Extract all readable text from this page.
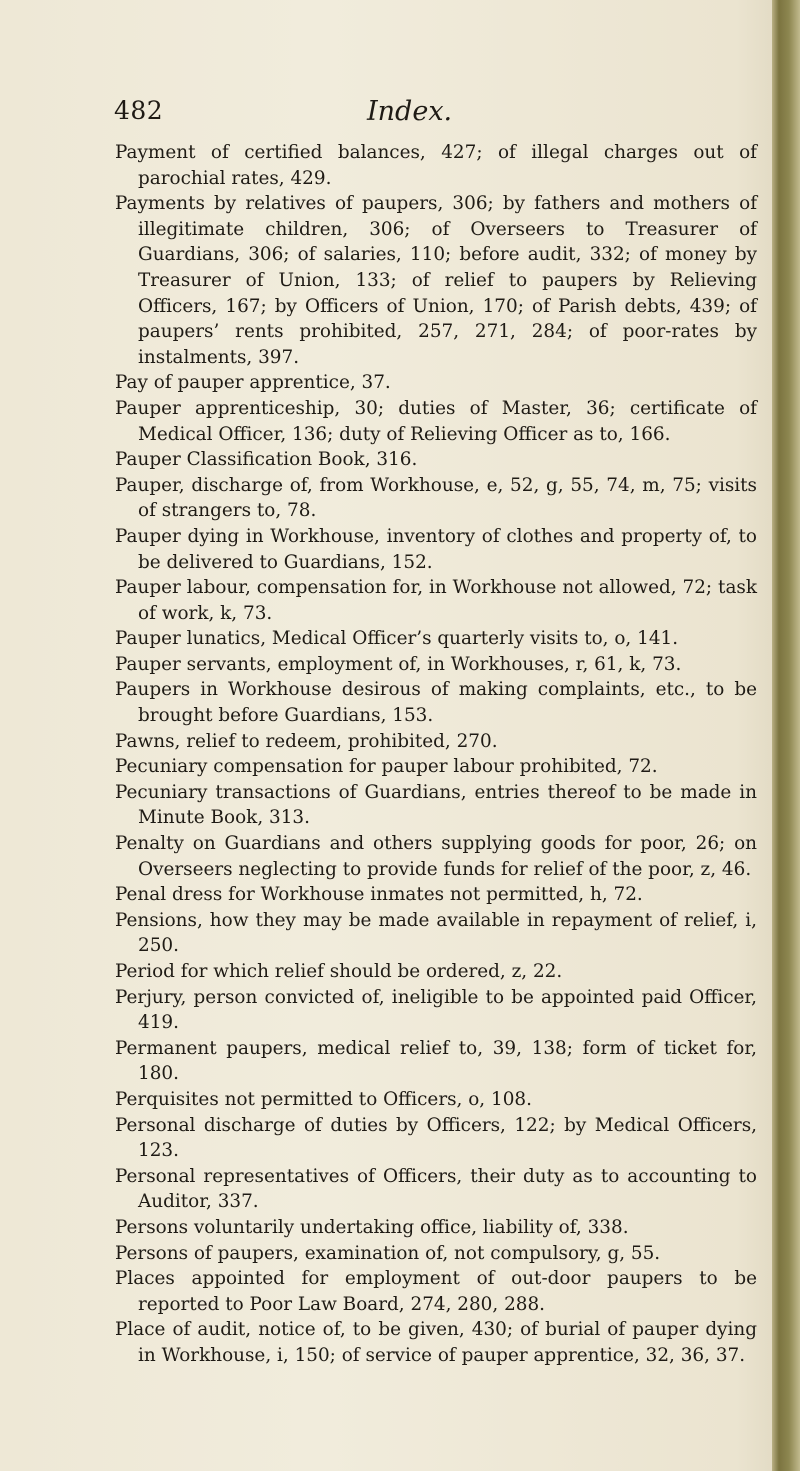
482	Index.
Payment of certified balances, 427; of illegal charges out of parochial rates, 429.
Payments by relatives of paupers, 306; by fathers and mothers of illegitimate children, 306; of Overseers to Treasurer of Guardians, 306; of salaries, 110; before audit, 332; of money by Treasurer of Union, 133; of relief to paupers by Relieving Officers, 167; by Officers of Union, 170; of Parish debts, 439; of paupers’ rents prohibited, 257, 271, 284; of poor-rates by instalments, 397.
Pay of pauper apprentice, 37.
Pauper apprenticeship, 30; duties of Master, 36; certificate of Medical Officer, 136; duty of Relieving Officer as to, 166.
Pauper Classification Book, 316.
Pauper, discharge of, from Workhouse, e, 52, g, 55, 74, m, 75; visits of strangers to, 78.
Pauper dying in Workhouse, inventory of clothes and property of, to be delivered to Guardians, 152.
Pauper labour, compensation for, in Workhouse not allowed, 72; task of work, k, 73.
Pauper lunatics, Medical Officer’s quarterly visits to, o, 141.
Pauper servants, employment of, in Workhouses, r, 61, k, 73.
Paupers in Workhouse desirous of making complaints, etc., to be brought before Guardians, 153.
Pawns, relief to redeem, prohibited, 270.
Pecuniary compensation for pauper labour prohibited, 72.
Pecuniary transactions of Guardians, entries thereof to be made in Minute Book, 313.
Penalty on Guardians and others supplying goods for poor, 26; on Overseers neglecting to provide funds for relief of the poor, z, 46.
Penal dress for Workhouse inmates not permitted, h, 72.
Pensions, how they may be made available in repayment of relief, i, 250.
Period for which relief should be ordered, z, 22.
Perjury, person convicted of, ineligible to be appointed paid Officer, 419.
Permanent paupers, medical relief to, 39, 138; form of ticket for, 180.
Perquisites not permitted to Officers, o, 108.
Personal discharge of duties by Officers, 122; by Medical Officers, 123.
Personal representatives of Officers, their duty as to accounting to Auditor, 337.
Persons voluntarily undertaking office, liability of, 338.
Persons of paupers, examination of, not compulsory, g, 55.
Places appointed for employment of out-door paupers to be reported to Poor Law Board, 274, 280, 288.
Place of audit, notice of, to be given, 430; of burial of pauper dying in Workhouse, i, 150; of service of pauper apprentice, 32, 36, 37.
